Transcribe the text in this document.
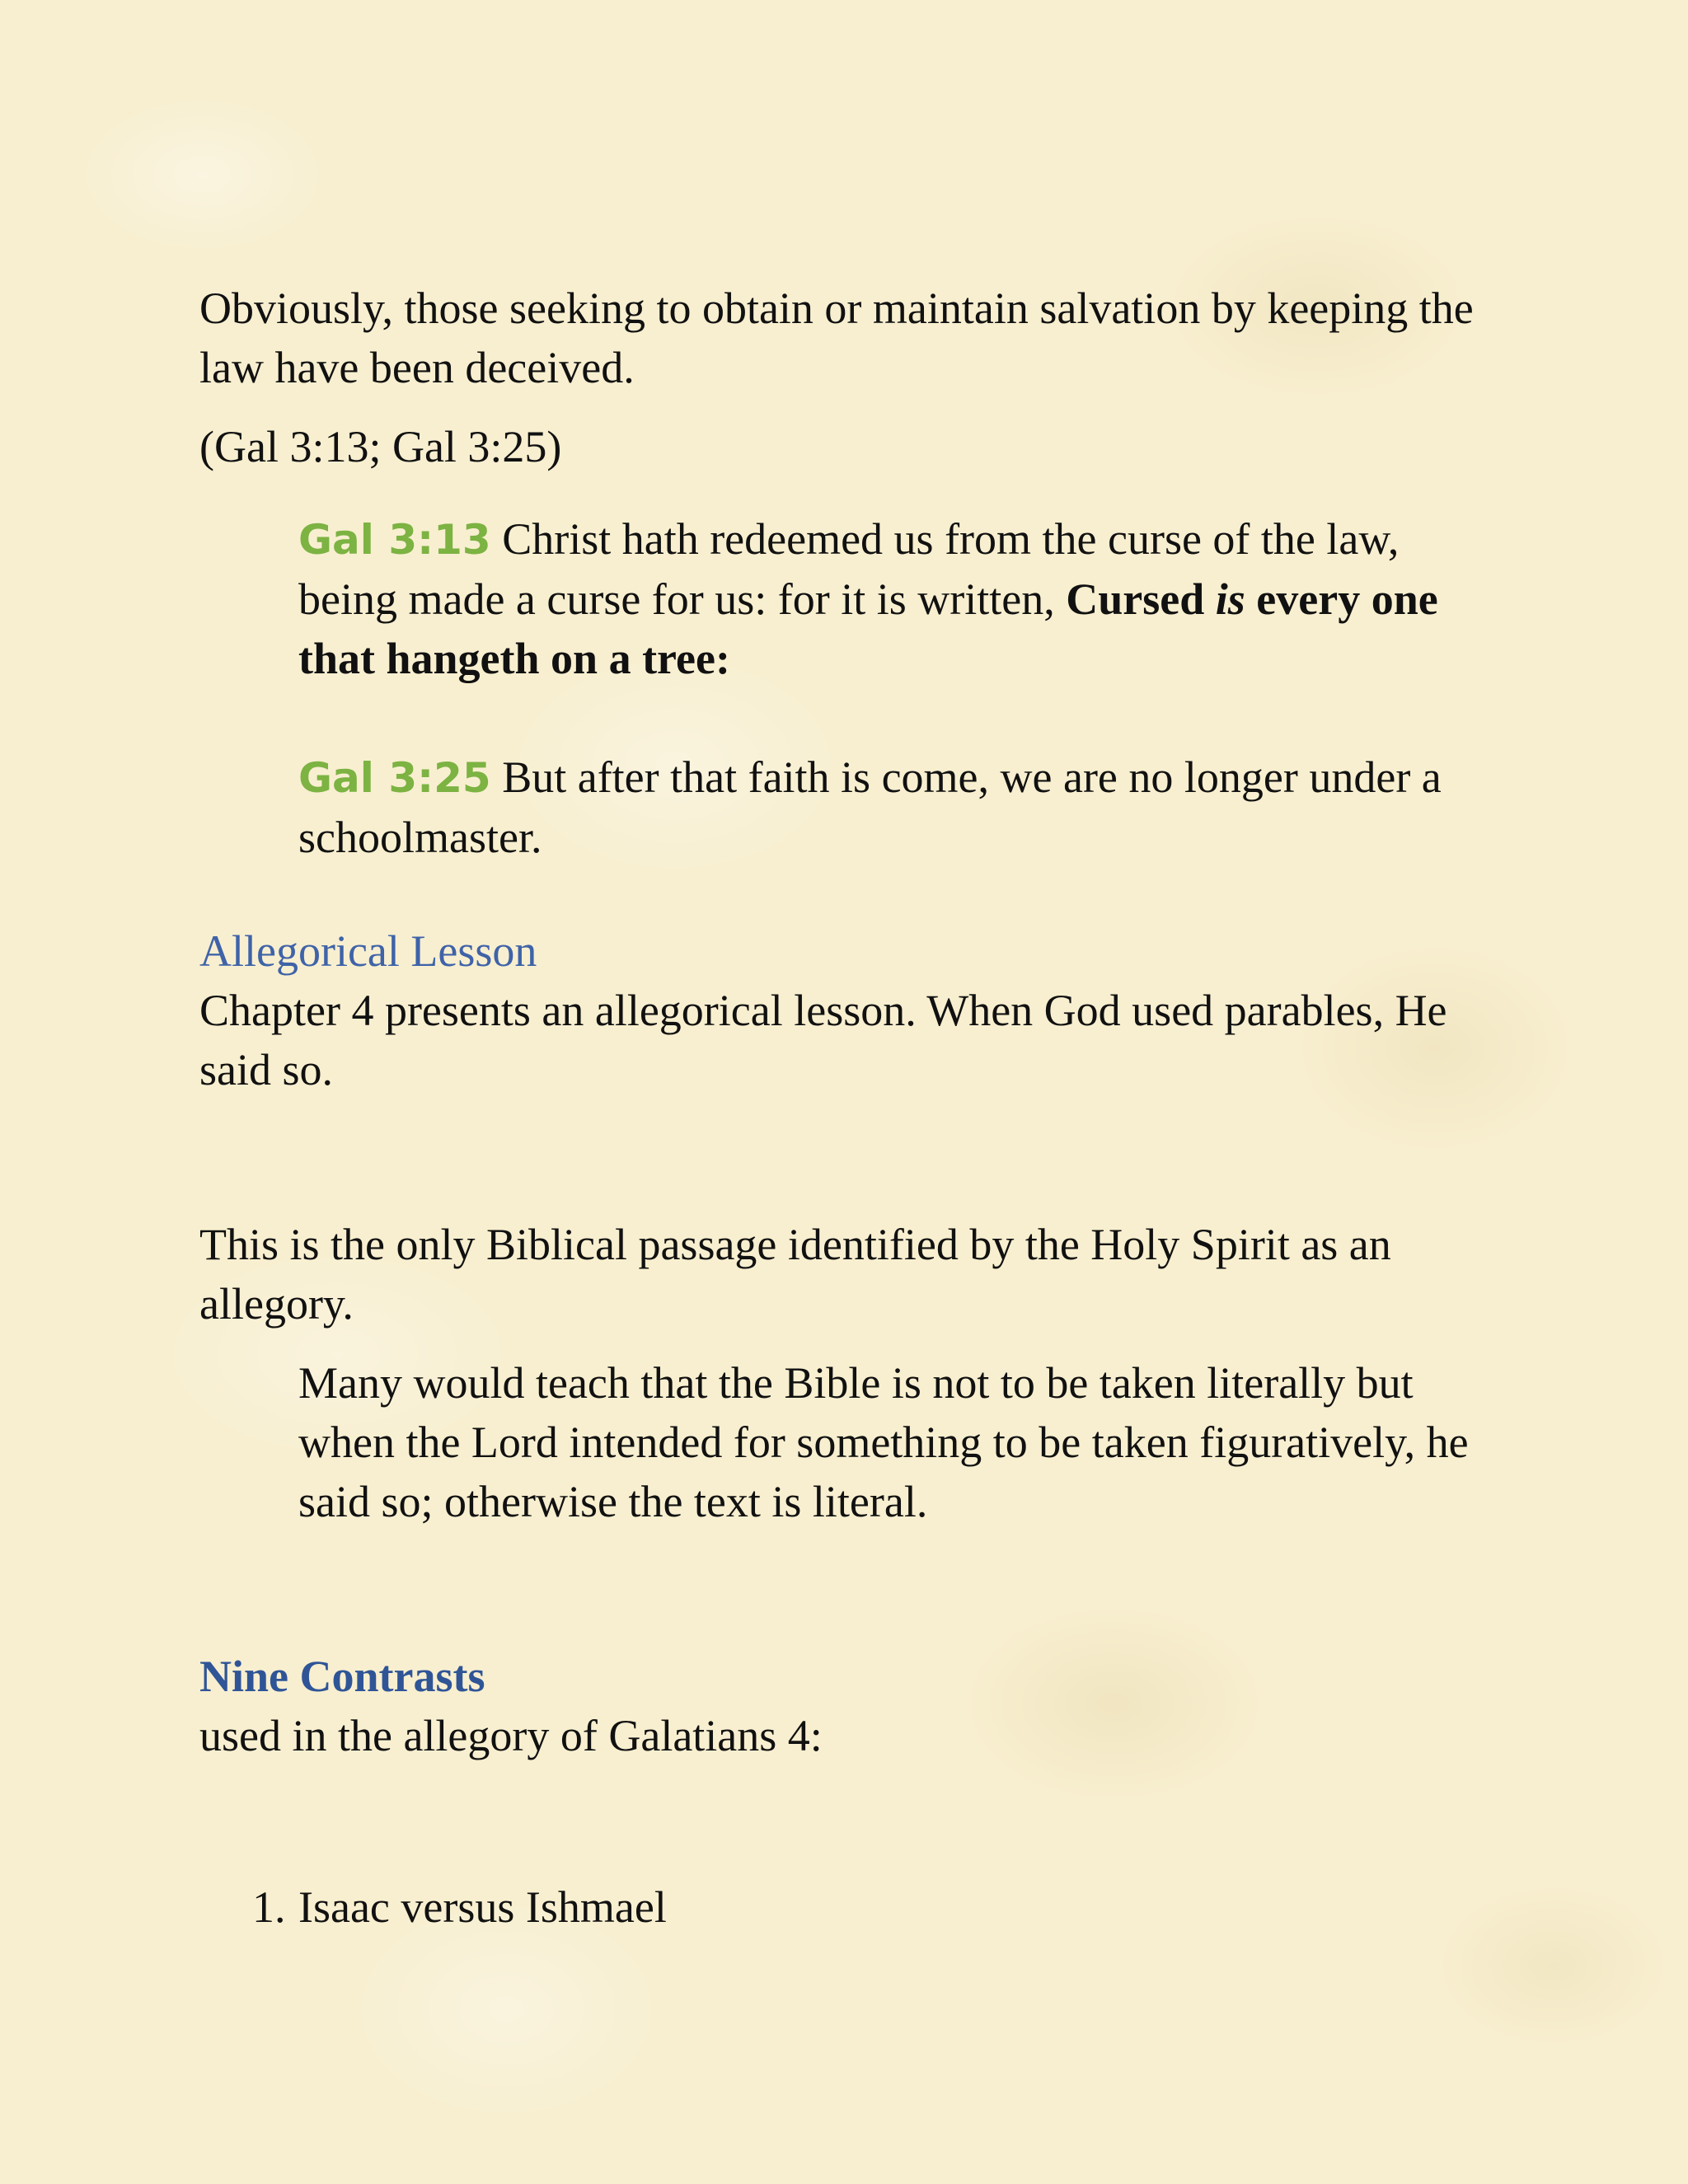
Obviously, those seeking to obtain or maintain salvation by keeping the law have been deceived.

(Gal 3:13; Gal 3:25)

Gal 3:13 Christ hath redeemed us from the curse of the law, being made a curse for us: for it is written, Cursed is every one that hangeth on a tree:

Gal 3:25 But after that faith is come, we are no longer under a schoolmaster.

Allegorical Lesson

Chapter 4 presents an allegorical lesson. When God used parables, He said so.

This is the only Biblical passage identified by the Holy Spirit as an allegory.

Many would teach that the Bible is not to be taken literally but when the Lord intended for something to be taken figuratively, he said so; otherwise the text is literal.

Nine Contrasts

used in the allegory of Galatians 4:

1. Isaac versus Ishmael
